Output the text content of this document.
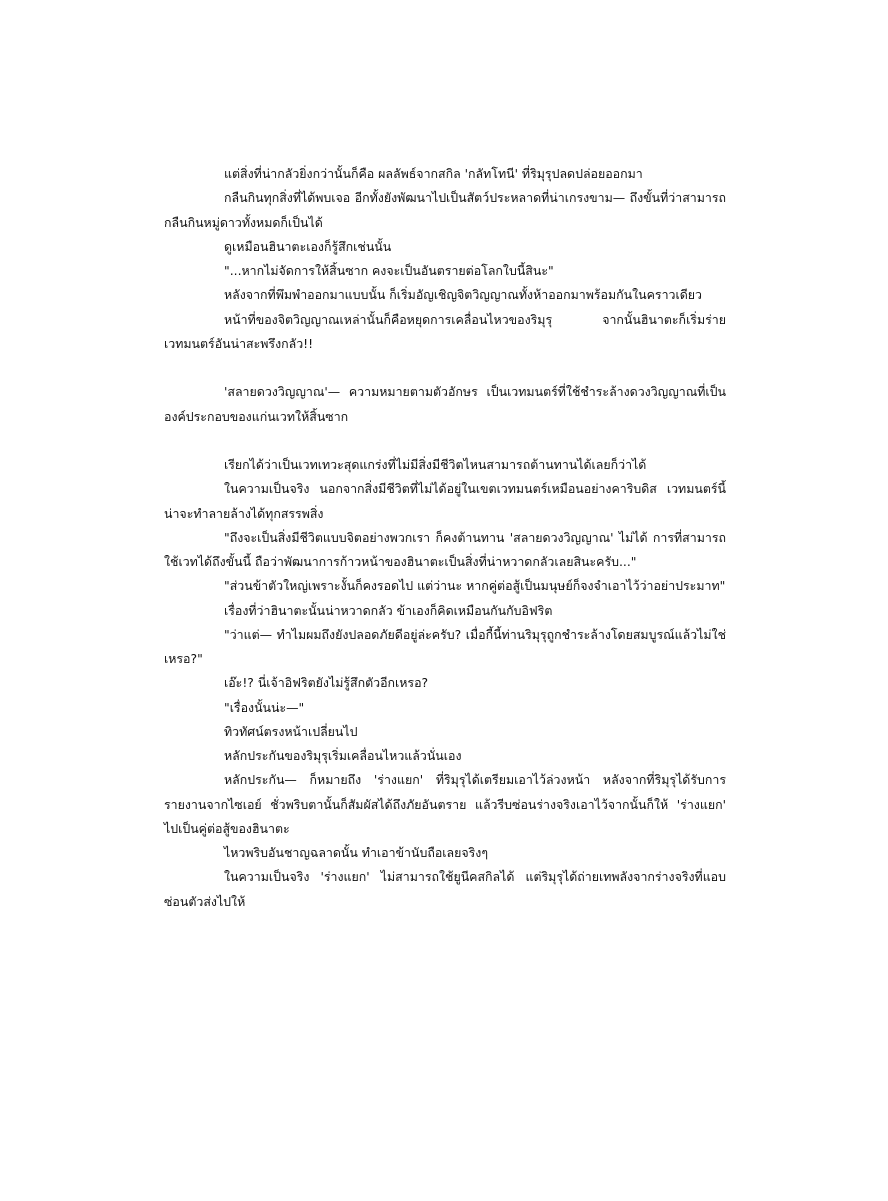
แต่สิ่งที่น่ากลัวยิ่งกว่านั้นก็คือ ผลลัพธ์จากสกิล 'กลัทโทนี' ที่ริมุรุปลดปล่อยออกมา

กลืนกินทุกสิ่งที่ได้พบเจอ อีกทั้งยังพัฒนาไปเป็นสัตว์ประหลาดที่น่าเกรงขาม— ถึงขั้นที่ว่าสามารถกลืนกินหมู่ดาวทั้งหมดก็เป็นได้

ดูเหมือนฮินาตะเองก็รู้สึกเช่นนั้น

"...หากไม่จัดการให้สิ้นซาก คงจะเป็นอันตรายต่อโลกใบนี้สินะ"

หลังจากที่พึมพำออกมาแบบนั้น ก็เริ่มอัญเชิญจิตวิญญาณทั้งห้าออกมาพร้อมกันในคราวเดียว

หน้าที่ของจิตวิญญาณเหล่านั้นก็คือหยุดการเคลื่อนไหวของริมุรุ จากนั้นฮินาตะก็เริ่มร่ายเวทมนตร์อันน่าสะพรึงกลัว!!

'สลายดวงวิญญาณ'— ความหมายตามตัวอักษร เป็นเวทมนตร์ที่ใช้ชำระล้างดวงวิญญาณที่เป็นองค์ประกอบของแก่นเวทให้สิ้นซาก

เรียกได้ว่าเป็นเวทเทวะสุดแกร่งที่ไม่มีสิ่งมีชีวิตไหนสามารถต้านทานได้เลยก็ว่าได้

ในความเป็นจริง นอกจากสิ่งมีชีวิตที่ไม่ได้อยู่ในเขตเวทมนตร์เหมือนอย่างคาริบดิส เวทมนตร์นี้น่าจะทำลายล้างได้ทุกสรรพสิ่ง

"ถึงจะเป็นสิ่งมีชีวิตแบบจิตอย่างพวกเรา ก็คงต้านทาน 'สลายดวงวิญญาณ' ไม่ได้ การที่สามารถใช้เวทได้ถึงขั้นนี้ ถือว่าพัฒนาการก้าวหน้าของฮินาตะเป็นสิ่งที่น่าหวาดกลัวเลยสินะครับ..."

"ส่วนข้าตัวใหญ่เพราะงั้นก็คงรอดไป แต่ว่านะ หากคู่ต่อสู้เป็นมนุษย์ก็จงจำเอาไว้ว่าอย่าประมาท"

เรื่องที่ว่าฮินาตะนั้นน่าหวาดกลัว ข้าเองก็คิดเหมือนกันกับอิฟริต

"ว่าแต่— ทำไมผมถึงยังปลอดภัยดีอยู่ล่ะครับ? เมื่อกี้นี้ท่านริมุรุถูกชำระล้างโดยสมบูรณ์แล้วไม่ใช่เหรอ?"

เอ๊ะ!? นี่เจ้าอิฟริตยังไม่รู้สึกตัวอีกเหรอ?

"เรื่องนั้นน่ะ—"

ทิวทัศน์ตรงหน้าเปลี่ยนไป

หลักประกันของริมุรุเริ่มเคลื่อนไหวแล้วนั่นเอง

หลักประกัน— ก็หมายถึง 'ร่างแยก' ที่ริมุรุได้เตรียมเอาไว้ล่วงหน้า หลังจากที่ริมุรุได้รับการรายงานจากไซเอย์ ชั่วพริบตานั้นก็สัมผัสได้ถึงภัยอันตราย แล้วรีบซ่อนร่างจริงเอาไว้จากนั้นก็ให้ 'ร่างแยก' ไปเป็นคู่ต่อสู้ของฮินาตะ

ไหวพริบอันชาญฉลาดนั้น ทำเอาข้านับถือเลยจริงๆ

ในความเป็นจริง 'ร่างแยก' ไม่สามารถใช้ยูนีคสกิลได้ แต่ริมุรุได้ถ่ายเทพลังจากร่างจริงที่แอบซ่อนตัวส่งไปให้
